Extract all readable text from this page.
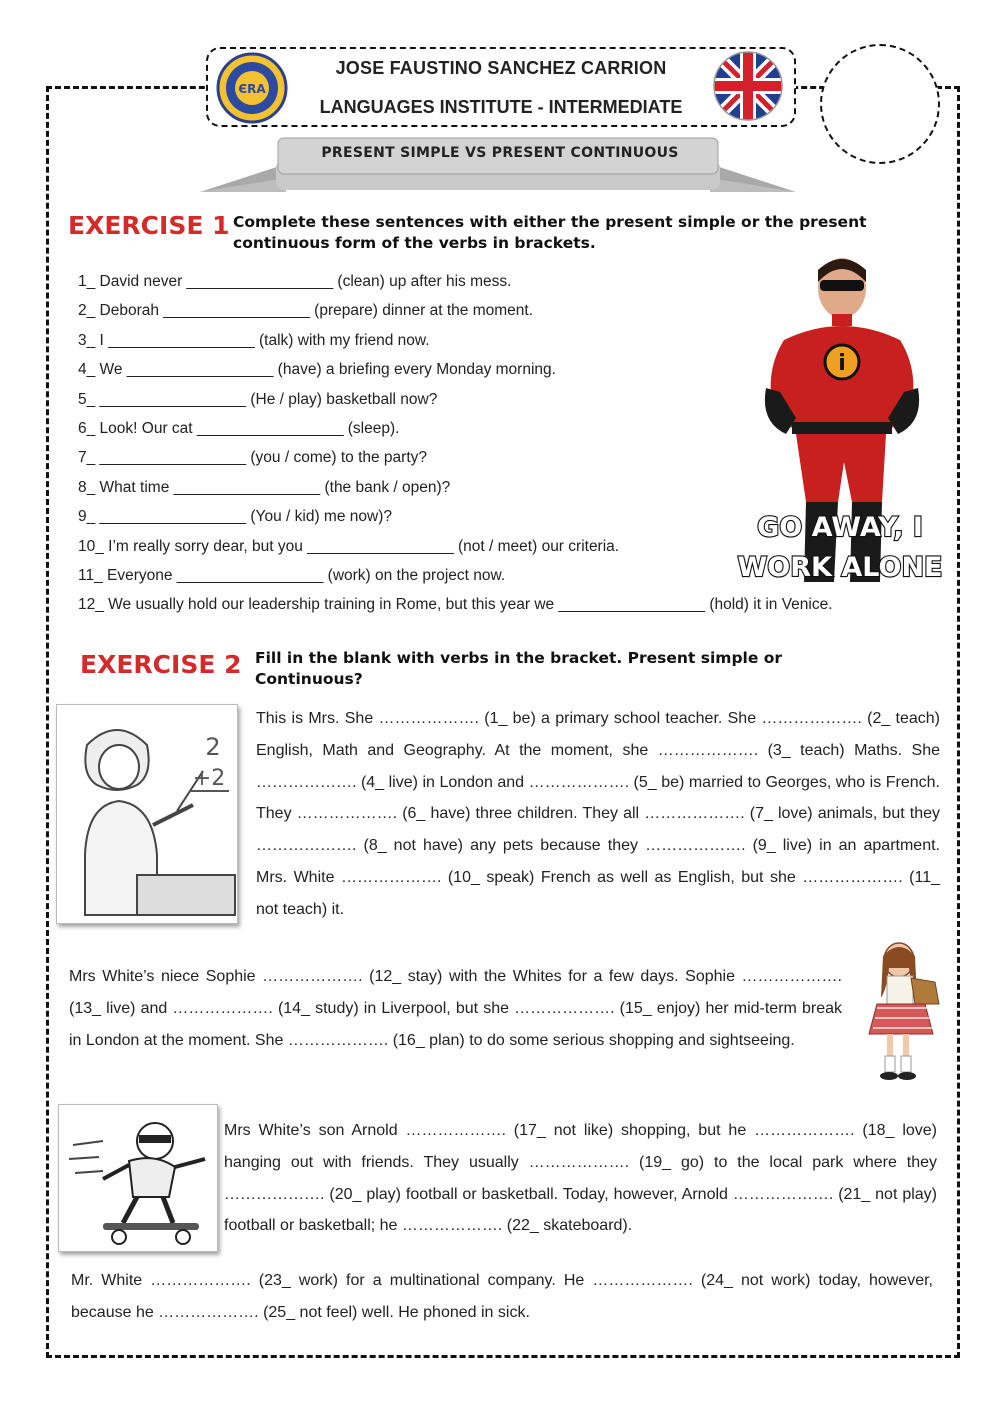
ЄRA
JOSE FAUSTINO SANCHEZ CARRION
LANGUAGES INSTITUTE - INTERMEDIATE
PRESENT SIMPLE VS PRESENT CONTINUOUS
EXERCISE 1 Complete these sentences with either the present simple or the present continuous form of the verbs in brackets.
1_ David never _________________ (clean) up after his mess.
2_ Deborah _________________ (prepare) dinner at the moment.
3_ I _________________ (talk) with my friend now.
4_ We _________________ (have) a briefing every Monday morning.
5_ _________________ (He / play) basketball now?
6_ Look! Our cat _________________ (sleep).
7_ _________________ (you / come) to the party?
8_ What time _________________ (the bank / open)?
9_ _________________ (You / kid) me now)?
10_ I’m really sorry dear, but you _________________ (not / meet) our criteria.
11_ Everyone _________________ (work) on the project now.
12_ We usually hold our leadership training in Rome, but this year we _________________ (hold) it in Venice.
i
GO AWAY, I
WORK ALONE
EXERCISE 2 Fill in the blank with verbs in the bracket. Present simple or Continuous?
2
+2
This is Mrs. She ………………. (1_ be) a primary school teacher. She ………………. (2_ teach) English, Math and Geography. At the moment, she ………………. (3_ teach) Maths. She ………………. (4_ live) in London and ………………. (5_ be) married to Georges, who is French. They ………………. (6_ have) three children. They all ………………. (7_ love) animals, but they ………………. (8_ not have) any pets because they ………………. (9_ live) in an apartment. Mrs. White ………………. (10_ speak) French as well as English, but she ………………. (11_ not teach) it.
Mrs White’s niece Sophie ………………. (12_ stay) with the Whites for a few days. Sophie ………………. (13_ live) and ………………. (14_ study) in Liverpool, but she ………………. (15_ enjoy) her mid-term break in London at the moment. She ………………. (16_ plan) to do some serious shopping and sightseeing.
Mrs White’s son Arnold ………………. (17_ not like) shopping, but he ………………. (18_ love) hanging out with friends. They usually ………………. (19_ go) to the local park where they ………………. (20_ play) football or basketball. Today, however, Arnold ………………. (21_ not play) football or basketball; he ………………. (22_ skateboard).
Mr. White ………………. (23_ work) for a multinational company. He ………………. (24_ not work) today, however, because he ………………. (25_ not feel) well. He phoned in sick.
